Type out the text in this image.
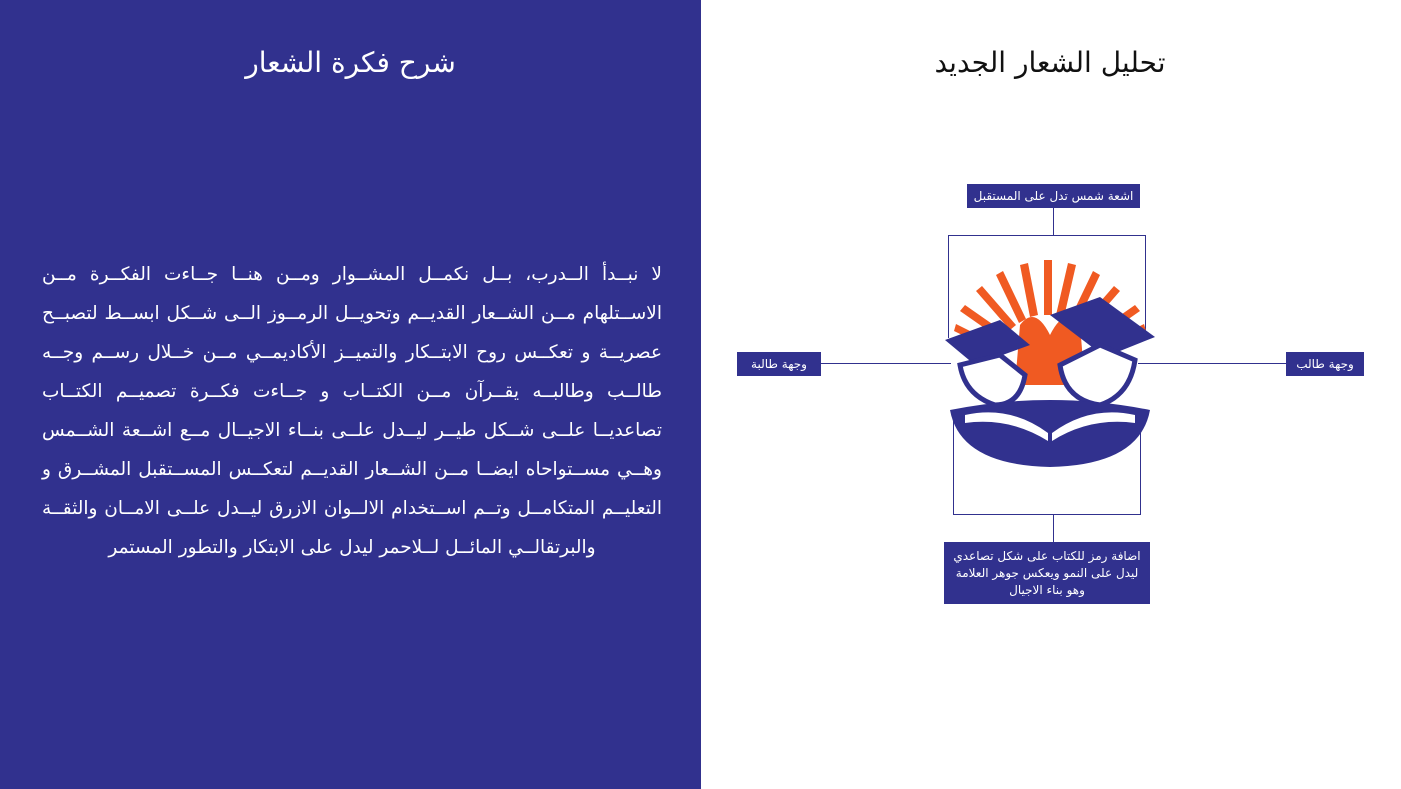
شرح فكرة الشعار
لا نبــدأ الــدرب، بــل نكمــل المشــوار ومــن هنــا جــاءت الفكــرة مــن الاســتلهام مــن الشــعار القديــم وتحويــل الرمــوز الــى شــكل ابســط لتصبــح عصريــة و تعكــس روح الابتــكار والتميــز الأكاديمــي مــن خــلال رســم وجــه طالــب وطالبــه يقــرآن مــن الكتــاب و جــاءت فكــرة تصميــم الكتــاب تصاعديــا علــى شــكل طيــر ليــدل علــى بنــاء الاجيــال مــع اشــعة الشــمس وهــي مســتواحاه ايضــا مــن الشــعار القديــم لتعكــس المســتقبل المشــرق و التعليــم المتكامــل وتــم اســتخدام الالــوان الازرق ليــدل علــى الامــان والثقــة والبرتقالــي المائــل لــلاحمر ليدل على الابتكار والتطور المستمر
تحليل الشعار الجديد
اشعة شمس تدل على المستقبل
وجهة طالبة	وجهة طالب
اضافة رمز للكتاب على شكل تصاعدي ليدل على النمو ويعكس جوهر العلامة وهو بناء الاجيال
